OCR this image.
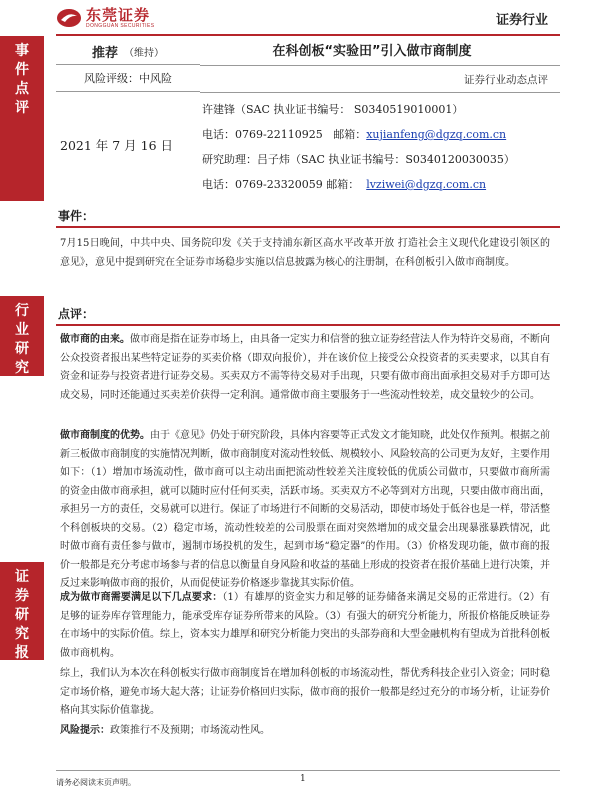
东莞证券
DONGGUAN SECURITIES	证券行业
事
件
点
评
行
业
研
究
证
券
研
究
报
告
推荐 （维持）
风险评级：中风险
2021 年 7 月 16 日
在科创板“实验田”引入做市商制度
证券行业动态点评
许建锋（SAC 执业证书编号： S0340519010001）
电话：0769-22110925 邮箱：xujianfeng@dgzq.com.cn
研究助理：吕子炜（SAC 执业证书编号：S0340120030035）
电话：0769-23320059 邮箱： lvziwei@dgzq.com.cn
事件：
7月15日晚间，中共中央、国务院印发《关于支持浦东新区高水平改革开放 打造社会主义现代化建设引领区的意见》，意见中提到研究在全证券市场稳步实施以信息披露为核心的注册制，在科创板引入做市商制度。
点评：
做市商的由来。做市商是指在证券市场上，由具备一定实力和信誉的独立证券经营法人作为特许交易商，不断向公众投资者报出某些特定证券的买卖价格（即双向报价），并在该价位上接受公众投资者的买卖要求，以其自有资金和证券与投资者进行证券交易。买卖双方不需等待交易对手出现，只要有做市商出面承担交易对手方即可达成交易，同时还能通过买卖差价获得一定利润。通常做市商主要服务于一些流动性较差，成交量较少的公司。
做市商制度的优势。由于《意见》仍处于研究阶段，具体内容要等正式发文才能知晓，此处仅作预判。根据之前新三板做市商制度的实施情况判断，做市商制度对流动性较低、规模较小、风险较高的公司更为友好，主要作用如下：（1）增加市场流动性，做市商可以主动出面把流动性较差关注度较低的优质公司做市，只要做市商所需的资金由做市商承担，就可以随时应付任何买卖，活跃市场。买卖双方不必等到对方出现，只要由做市商出面，承担另一方的责任，交易就可以进行。保证了市场进行不间断的交易活动，即使市场处于低谷也是一样，带活整个科创板块的交易。（2）稳定市场，流动性较差的公司股票在面对突然增加的成交量会出现暴涨暴跌情况，此时做市商有责任参与做市，遏制市场投机的发生，起到市场“稳定器”的作用。（3）价格发现功能，做市商的报价一般都是充分考虑市场参与者的信息以衡量自身风险和收益的基础上形成的投资者在报价基础上进行决策，并反过来影响做市商的报价，从而促使证券价格逐步靠拢其实际价值。
成为做市商需要满足以下几点要求：（1）有雄厚的资金实力和足够的证券储备来满足交易的正常进行。（2）有足够的证券库存管理能力，能承受库存证券所带来的风险。（3）有强大的研究分析能力，所报价格能反映证券在市场中的实际价值。综上，资本实力雄厚和研究分析能力突出的头部券商和大型金融机构有望成为首批科创板做市商机构。
综上，我们认为本次在科创板实行做市商制度旨在增加科创板的市场流动性，帮优秀科技企业引入资金；同时稳定市场价格，避免市场大起大落；让证券价格回归实际，做市商的报价一般都是经过充分的市场分析，让证券价格向其实际价值靠拢。
风险提示：政策推行不及预期；市场流动性风。
请务必阅读末页声明。	1
